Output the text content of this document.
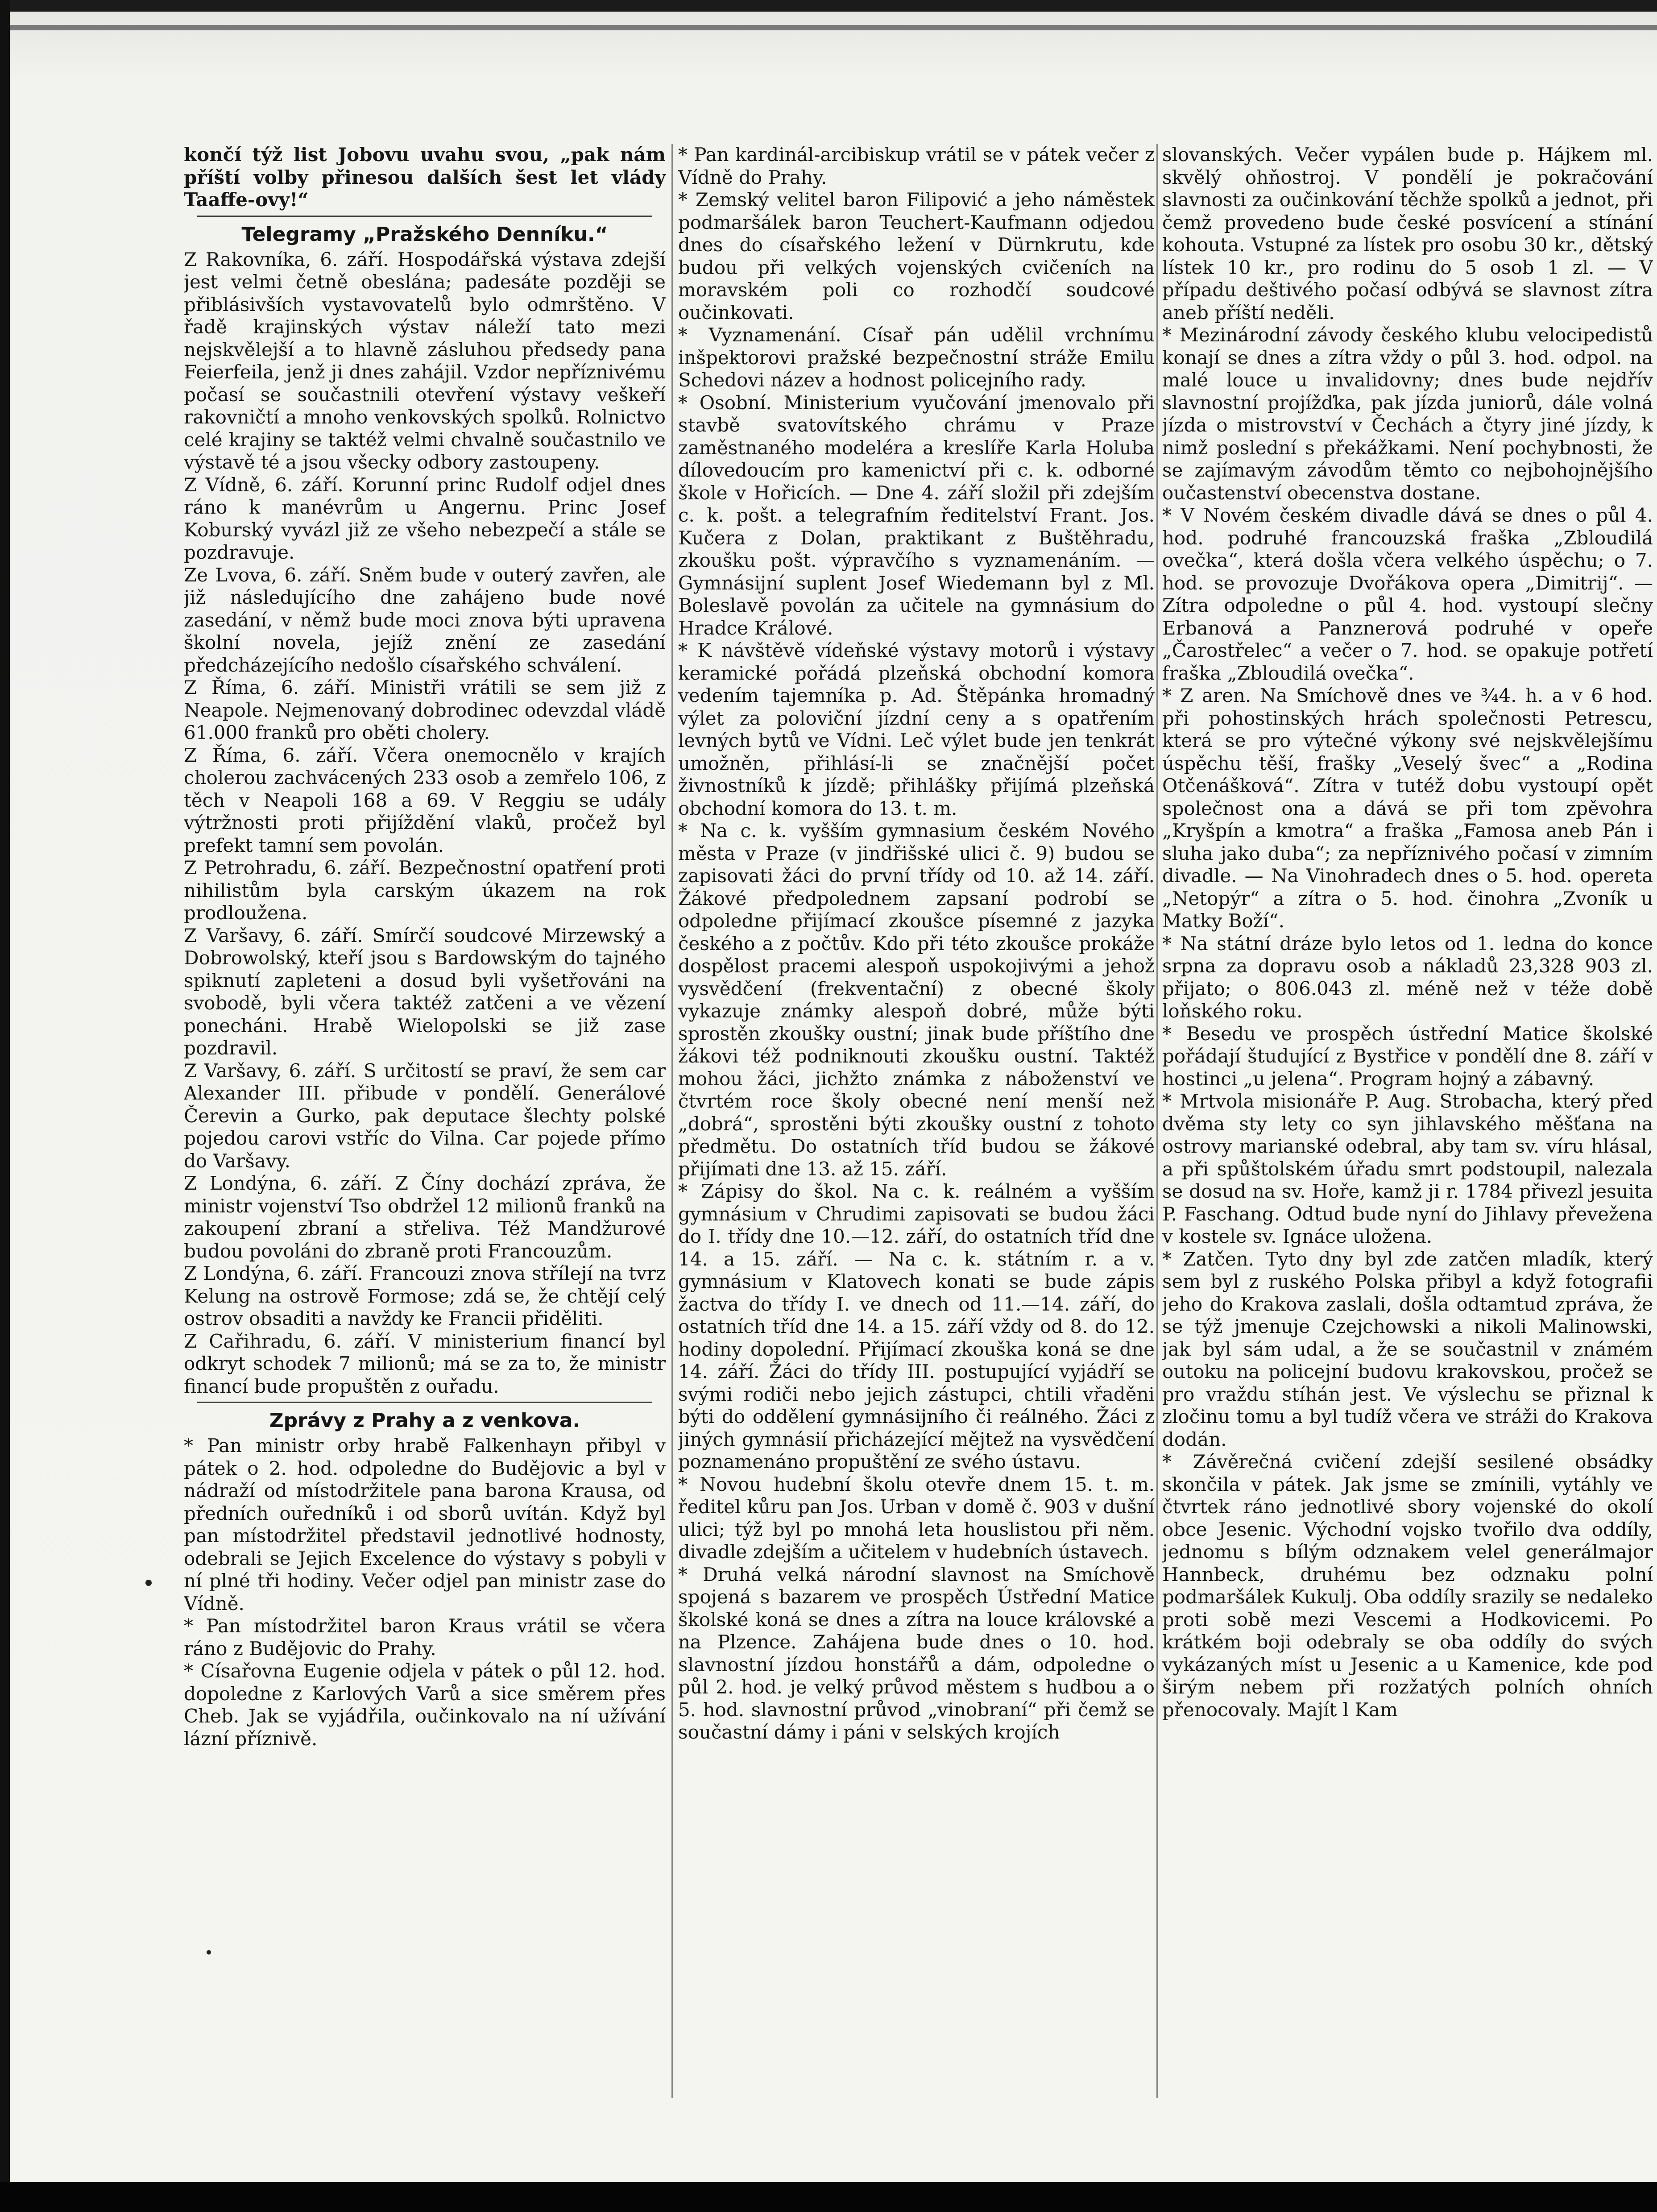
končí týž list Jobovu uvahu svou, „pak nám příští volby přinesou dalších šest let vlády Taaffe-ovy!“

Telegramy „Pražského Denníku.“

Z Rakovníka, 6. září. Hospodářská výstava zdejší jest velmi četně obeslána; padesáte později se přiblásivších vystavovatelů bylo odmrštěno. V řadě krajinských výstav náleží tato mezi nejskvělejší a to hlavně zásluhou předsedy pana Feierfeila, jenž ji dnes zahájil. Vzdor nepříznivému počasí se součastnili otevření výstavy veškeří rakovničtí a mnoho venkovských spolků. Rolnictvo celé krajiny se taktéž velmi chvalně součastnilo ve výstavě té a jsou všecky odbory zastoupeny.

Z Vídně, 6. září. Korunní princ Rudolf odjel dnes ráno k manévrům u Angernu. Princ Josef Koburský vyvázl již ze všeho nebezpečí a stále se pozdravuje.

Ze Lvova, 6. září. Sněm bude v outerý zavřen, ale již následujícího dne zahájeno bude nové zasedání, v němž bude moci znova býti upravena školní novela, jejíž znění ze zasedání předcházejícího nedošlo císařského schválení.

Z Říma, 6. září. Ministři vrátili se sem již z Neapole. Nejmenovaný dobrodinec odevzdal vládě 61.000 franků pro oběti cholery.

Z Říma, 6. září. Včera onemocnělo v krajích cholerou zachvácených 233 osob a zemřelo 106, z těch v Neapoli 168 a 69. V Reggiu se udály výtržnosti proti přijíždění vlaků, pročež byl prefekt tamní sem povolán.

Z Petrohradu, 6. září. Bezpečnostní opatření proti nihilistům byla carským úkazem na rok prodloužena.

Z Varšavy, 6. září. Smírčí soudcové Mirzewský a Dobrowolský, kteří jsou s Bardowským do tajného spiknutí zapleteni a dosud byli vyšetřováni na svobodě, byli včera taktéž zatčeni a ve vězení ponecháni. Hrabě Wielopolski se již zase pozdravil.

Z Varšavy, 6. září. S určitostí se praví, že sem car Alexander III. přibude v pondělí. Generálové Čerevin a Gurko, pak deputace šlechty polské pojedou carovi vstříc do Vilna. Car pojede přímo do Varšavy.

Z Londýna, 6. září. Z Číny dochází zpráva, že ministr vojenství Tso obdržel 12 milionů franků na zakoupení zbraní a střeliva. Též Mandžurové budou povoláni do zbraně proti Francouzům.

Z Londýna, 6. září. Francouzi znova střílejí na tvrz Kelung na ostrově Formose; zdá se, že chtějí celý ostrov obsaditi a navždy ke Francii přiděliti.

Z Cařihradu, 6. září. V ministerium financí byl odkryt schodek 7 milionů; má se za to, že ministr financí bude propuštěn z ouřadu.

Zprávy z Prahy a z venkova.

* Pan ministr orby hrabě Falkenhayn přibyl v pátek o 2. hod. odpoledne do Budějovic a byl v nádraží od místodržitele pana barona Krausa, od předních ouředníků i od sborů uvítán. Když byl pan místodržitel představil jednotlivé hodnosty, odebrali se Jejich Excelence do výstavy s pobyli v ní plné tři hodiny. Večer odjel pan ministr zase do Vídně.

* Pan místodržitel baron Kraus vrátil se včera ráno z Budějovic do Prahy.

* Císařovna Eugenie odjela v pátek o půl 12. hod. dopoledne z Karlových Varů a sice směrem přes Cheb. Jak se vyjádřila, oučinkovalo na ní užívání lázní příznivě.

* Pan kardinál-arcibiskup vrátil se v pátek večer z Vídně do Prahy.

* Zemský velitel baron Filipović a jeho náměstek podmaršálek baron Teuchert-Kaufmann odjedou dnes do císařského ležení v Dürnkrutu, kde budou při velkých vojenských cvičeních na moravském poli co rozhodčí soudcové oučinkovati.

* Vyznamenání. Císař pán udělil vrchnímu inšpektorovi pražské bezpečnostní stráže Emilu Schedovi název a hodnost policejního rady.

* Osobní. Ministerium vyučování jmenovalo při stavbě svatovítského chrámu v Praze zaměstnaného modeléra a kreslíře Karla Holuba dílovedoucím pro kamenictví při c. k. odborné škole v Hořicích. — Dne 4. září složil při zdejším c. k. pošt. a telegrafním ředitelství Frant. Jos. Kučera z Dolan, praktikant z Buštěhradu, zkoušku pošt. výpravčího s vyznamenáním. — Gymnásijní suplent Josef Wiedemann byl z Ml. Boleslavě povolán za učitele na gymnásium do Hradce Králové.

* K návštěvě vídeňské výstavy motorů i výstavy keramické pořádá plzeňská obchodní komora vedením tajemníka p. Ad. Štěpánka hromadný výlet za poloviční jízdní ceny a s opatřením levných bytů ve Vídni. Leč výlet bude jen tenkrát umožněn, přihlásí-li se značnější počet živnostníků k jízdě; přihlášky přijímá plzeňská obchodní komora do 13. t. m.

* Na c. k. vyšším gymnasium českém Nového města v Praze (v jindřišské ulici č. 9) budou se zapisovati žáci do první třídy od 10. až 14. září. Žákové předpolednem zapsaní podrobí se odpoledne přijímací zkoušce písemné z jazyka českého a z počtův. Kdo při této zkoušce prokáže dospělost pracemi alespoň uspokojivými a jehož vysvědčení (frekventační) z obecné školy vykazuje známky alespoň dobré, může býti sprostěn zkoušky oustní; jinak bude příštího dne žákovi též podniknouti zkoušku oustní. Taktéž mohou žáci, jichžto známka z náboženství ve čtvrtém roce školy obecné není menší než „dobrá“, sprostěni býti zkoušky oustní z tohoto předmětu. Do ostatních tříd budou se žákové přijímati dne 13. až 15. září.

* Zápisy do škol. Na c. k. reálném a vyšším gymnásium v Chrudimi zapisovati se budou žáci do I. třídy dne 10.—12. září, do ostatních tříd dne 14. a 15. září. — Na c. k. státním r. a v. gymnásium v Klatovech konati se bude zápis žactva do třídy I. ve dnech od 11.—14. září, do ostatních tříd dne 14. a 15. září vždy od 8. do 12. hodiny dopolední. Přijímací zkouška koná se dne 14. září. Žáci do třídy III. postupující vyjádří se svými rodiči nebo jejich zástupci, chtili vřaděni býti do oddělení gymnásijního či reálného. Žáci z jiných gymnásií přicházející mějtež na vysvědčení poznamenáno propuštění ze svého ústavu.

* Novou hudební školu otevře dnem 15. t. m. ředitel kůru pan Jos. Urban v domě č. 903 v dušní ulici; týž byl po mnohá leta houslistou při něm. divadle zdejším a učitelem v hudebních ústavech.

* Druhá velká národní slavnost na Smíchově spojená s bazarem ve prospěch Ústřední Matice školské koná se dnes a zítra na louce královské a na Plzence. Zahájena bude dnes o 10. hod. slavnostní jízdou honstářů a dám, odpoledne o půl 2. hod. je velký průvod městem s hudbou a o 5. hod. slavnostní průvod „vinobraní“ při čemž se součastní dámy i páni v selských krojích

slovanských. Večer vypálen bude p. Hájkem ml. skvělý ohňostroj. V pondělí je pokračování slavnosti za oučinkování těchže spolků a jednot, při čemž provedeno bude české posvícení a stínání kohouta. Vstupné za lístek pro osobu 30 kr., dětský lístek 10 kr., pro rodinu do 5 osob 1 zl. — V případu deštivého počasí odbývá se slavnost zítra aneb příští neděli.

* Mezinárodní závody českého klubu velocipedistů konají se dnes a zítra vždy o půl 3. hod. odpol. na malé louce u invalidovny; dnes bude nejdřív slavnostní projížďka, pak jízda juniorů, dále volná jízda o mistrovství v Čechách a čtyry jiné jízdy, k nimž poslední s překážkami. Není pochybnosti, že se zajímavým závodům těmto co nejbohojnějšího oučastenství obecenstva dostane.

* V Novém českém divadle dává se dnes o půl 4. hod. podruhé francouzská fraška „Zbloudilá ovečka“, která došla včera velkého úspěchu; o 7. hod. se provozuje Dvořákova opera „Dimitrij“. — Zítra odpoledne o půl 4. hod. vystoupí slečny Erbanová a Panznerová podruhé v opeře „Čarostřelec“ a večer o 7. hod. se opakuje potřetí fraška „Zbloudilá ovečka“.

* Z aren. Na Smíchově dnes ve ¾4. h. a v 6 hod. při pohostinských hrách společnosti Petrescu, která se pro výtečné výkony své nejskvělejšímu úspěchu těší, frašky „Veselý švec“ a „Rodina Otčenášková“. Zítra v tutéž dobu vystoupí opět společnost ona a dává se při tom zpěvohra „Kryšpín a kmotra“ a fraška „Famosa aneb Pán i sluha jako duba“; za nepříznivého počasí v zimním divadle. — Na Vinohradech dnes o 5. hod. opereta „Netopýr“ a zítra o 5. hod. činohra „Zvoník u Matky Boží“.

* Na státní dráze bylo letos od 1. ledna do konce srpna za dopravu osob a nákladů 23,328 903 zl. přijato; o 806.043 zl. méně než v téže době loňského roku.

* Besedu ve prospěch ústřední Matice školské pořádají študující z Bystřice v pondělí dne 8. září v hostinci „u jelena“. Program hojný a zábavný.

* Mrtvola misionáře P. Aug. Strobacha, který před dvěma sty lety co syn jihlavského měšťana na ostrovy marianské odebral, aby tam sv. víru hlásal, a při spůštolském úřadu smrt podstoupil, nalezala se dosud na sv. Hoře, kamž ji r. 1784 přivezl jesuita P. Faschang. Odtud bude nyní do Jihlavy převežena v kostele sv. Ignáce uložena.

* Zatčen. Tyto dny byl zde zatčen mladík, který sem byl z ruského Polska přibyl a když fotografii jeho do Krakova zaslali, došla odtamtud zpráva, že se týž jmenuje Czejchowski a nikoli Malinowski, jak byl sám udal, a že se součastnil v známém outoku na policejní budovu krakovskou, pročež se pro vraždu stíhán jest. Ve výslechu se přiznal k zločinu tomu a byl tudíž včera ve stráži do Krakova dodán.

* Závěrečná cvičení zdejší sesilené obsádky skončila v pátek. Jak jsme se zmínili, vytáhly ve čtvrtek ráno jednotlivé sbory vojenské do okolí obce Jesenic. Východní vojsko tvořilo dva oddíly, jednomu s bílým odznakem velel generálmajor Hannbeck, druhému bez odznaku polní podmaršálek Kukulj. Oba oddíly srazily se nedaleko proti sobě mezi Vescemi a Hodkovicemi. Po krátkém boji odebraly se oba oddíly do svých vykázaných míst u Jesenic a u Kamenice, kde pod širým nebem při rozžatých polních ohních přenocovaly. Majít l Kam
